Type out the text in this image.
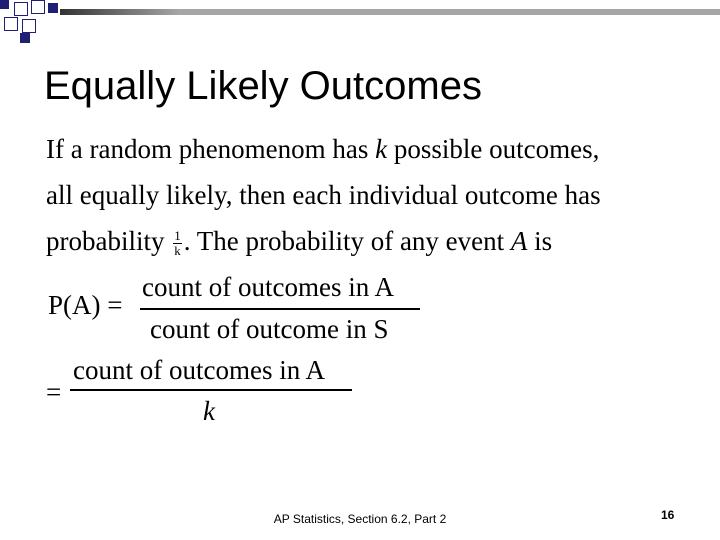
Equally Likely Outcomes
If a random phenomenom has k possible outcomes,
all equally likely, then each individual outcome has
probability $\frac{1}{k}$ . The probability of any event A is
P(A) =
count of outcomes in A
count of outcome in S
=
count of outcomes in A
k
AP Statistics, Section 6.2, Part 2	16
